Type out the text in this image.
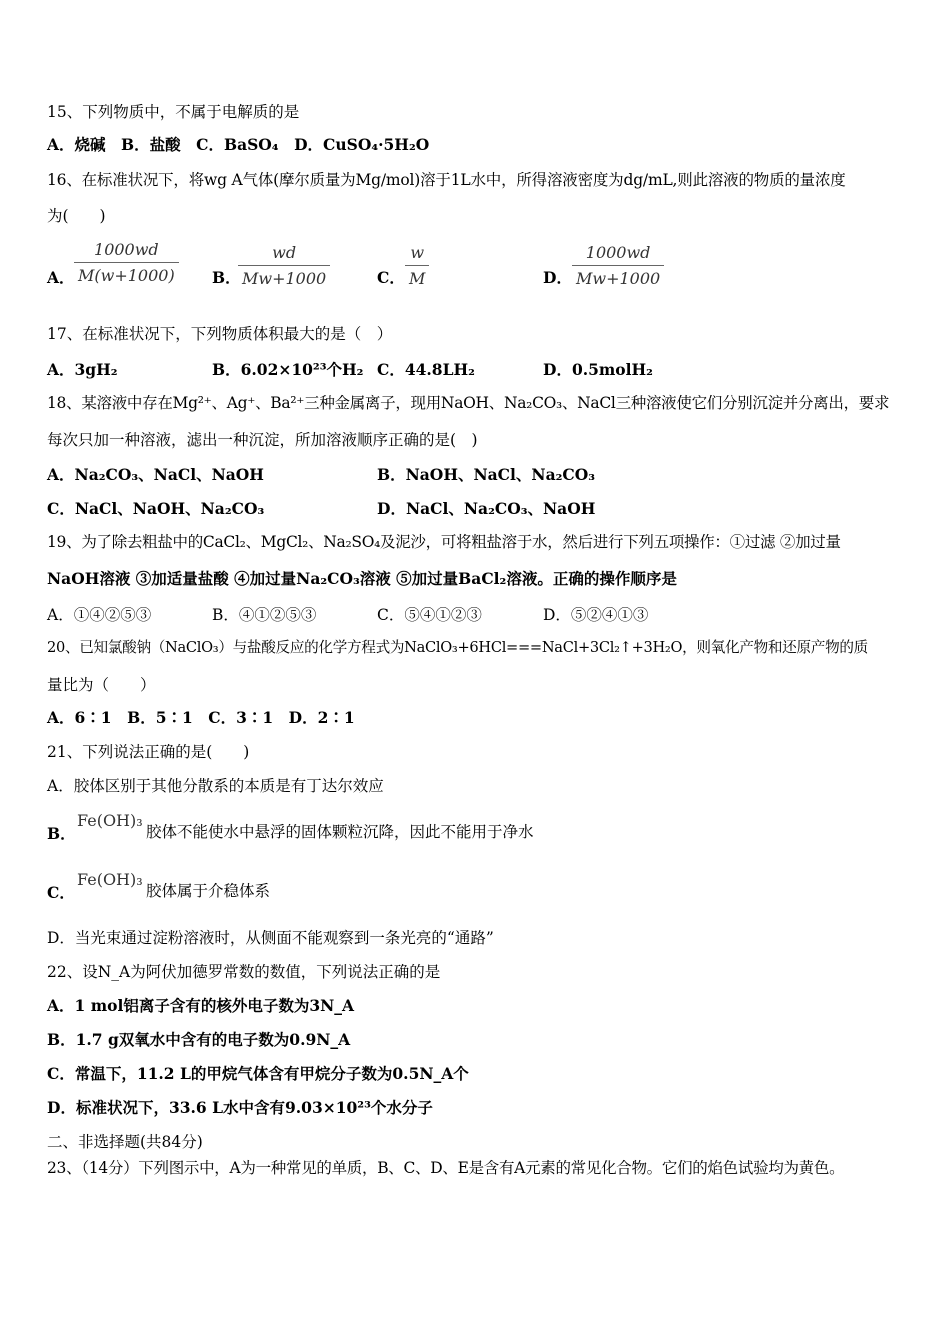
15、下列物质中，不属于电解质的是
A．烧碱　B．盐酸　C．BaSO₄　D．CuSO₄·5H₂O
16、在标准状况下，将wg A气体(摩尔质量为Mg/mol)溶于1L水中，所得溶液密度为dg/mL,则此溶液的物质的量浓度
为(　　)
A．
1000wd
M(w+1000) B．
wd
Mw+1000	C．
w
M	D．
1000wd
Mw+1000
17、在标准状况下，下列物质体积最大的是（　）
A．3gH₂	B．6.02×10²³个H₂ C．44.8LH₂	D．0.5molH₂
18、某溶液中存在Mg²⁺、Ag⁺、Ba²⁺三种金属离子，现用NaOH、Na₂CO₃、NaCl三种溶液使它们分别沉淀并分离出，要求
每次只加一种溶液，滤出一种沉淀，所加溶液顺序正确的是(　)
A．Na₂CO₃、NaCl、NaOH	B．NaOH、NaCl、Na₂CO₃
C．NaCl、NaOH、Na₂CO₃	D．NaCl、Na₂CO₃、NaOH
19、为了除去粗盐中的CaCl₂、MgCl₂、Na₂SO₄及泥沙，可将粗盐溶于水，然后进行下列五项操作：①过滤 ②加过量
NaOH溶液 ③加适量盐酸 ④加过量Na₂CO₃溶液 ⑤加过量BaCl₂溶液。正确的操作顺序是
A．①④②⑤③	B．④①②⑤③	C．⑤④①②③	D．⑤②④①③
20、已知氯酸钠（NaClO₃）与盐酸反应的化学方程式为NaClO₃+6HCl===NaCl+3Cl₂↑+3H₂O，则氧化产物和还原产物的质
量比为（　　）
A．6∶1　B．5∶1　C．3∶1　D．2∶1
21、下列说法正确的是(　　)
A．胶体区别于其他分散系的本质是有丁达尔效应
B．
Fe(OH)₃
胶体不能使水中悬浮的固体颗粒沉降，因此不能用于净水
C．
Fe(OH)₃
胶体属于介稳体系
D．当光束通过淀粉溶液时，从侧面不能观察到一条光亮的“通路”
22、设N_A为阿伏加德罗常数的数值，下列说法正确的是
A．1 mol铝离子含有的核外电子数为3N_A
B．1.7 g双氧水中含有的电子数为0.9N_A
C．常温下，11.2 L的甲烷气体含有甲烷分子数为0.5N_A个
D．标准状况下，33.6 L水中含有9.03×10²³个水分子
二、非选择题(共84分)
23、（14分）下列图示中，A为一种常见的单质，B、C、D、E是含有A元素的常见化合物。它们的焰色试验均为黄色。
